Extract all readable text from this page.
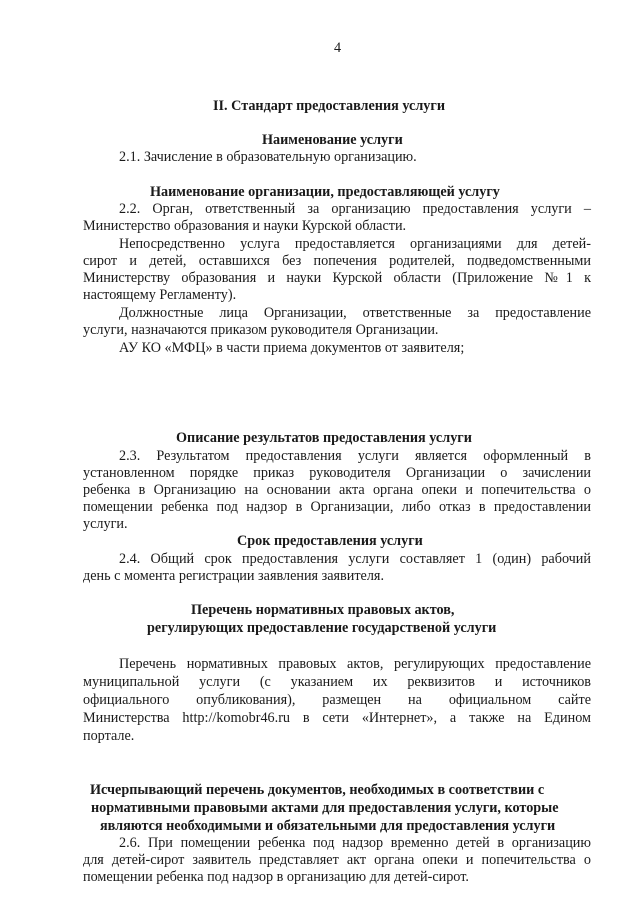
4
II. Стандарт предоставления услуги
Наименование услуги
2.1. Зачисление в образовательную организацию.
Наименование организации, предоставляющей услугу
2.2. Орган, ответственный за организацию предоставления услуги –
Министерство образования и науки Курской области.
Непосредственно услуга предоставляется организациями для детей-
сирот и детей, оставшихся без попечения родителей, подведомственными
Министерству образования и науки Курской области (Приложение №1 к
настоящему Регламенту).
Должностные лица Организации, ответственные за предоставление
услуги, назначаются приказом руководителя Организации.
АУ КО «МФЦ» в части приема документов от заявителя;
Описание результатов предоставления услуги
2.3. Результатом предоставления услуги является оформленный в
установленном порядке приказ руководителя Организации о зачислении
ребенка в Организацию на основании акта органа опеки и попечительства о
помещении ребенка под надзор в Организации, либо отказ в предоставлении
услуги.
Срок предоставления услуги
2.4. Общий срок предоставления услуги составляет 1 (один) рабочий
день с момента регистрации заявления заявителя.
Перечень нормативных правовых актов,
регулирующих предоставление государственой услуги
Перечень нормативных правовых актов, регулирующих предоставление
муниципальной услуги (с указанием их реквизитов и источников
официального опубликования), размещен на официальном сайте
Министерства http://komobr46.ru в сети «Интернет», а также на Едином
портале.
Исчерпывающий перечень документов, необходимых в соответствии с
нормативными правовыми актами для предоставления услуги, которые
являются необходимыми и обязательными для предоставления услуги
2.6. При помещении ребенка под надзор временно детей в организацию
для детей-сирот заявитель представляет акт органа опеки и попечительства о
помещении ребенка под надзор в организацию для детей-сирот.
